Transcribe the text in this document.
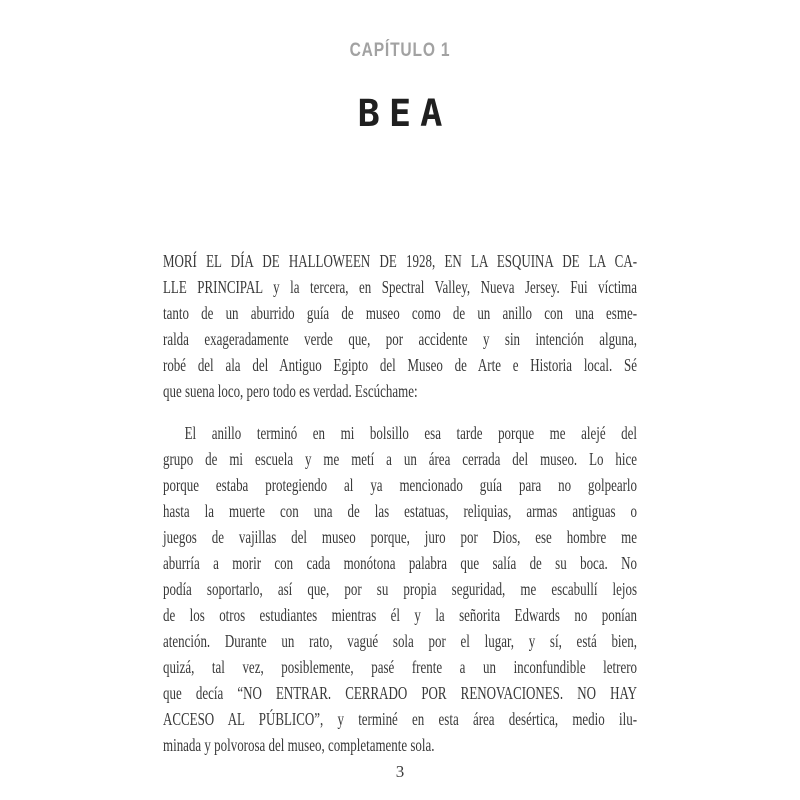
CAPÍTULO 1
BEA
MORÍ EL DÍA DE HALLOWEEN DE 1928, EN LA ESQUINA DE LA CA-
LLE PRINCIPAL y la tercera, en Spectral Valley, Nueva Jersey. Fui víctima
tanto de un aburrido guía de museo como de un anillo con una esme-
ralda exageradamente verde que, por accidente y sin intención alguna,
robé del ala del Antiguo Egipto del Museo de Arte e Historia local. Sé
que suena loco, pero todo es verdad. Escúchame:
El anillo terminó en mi bolsillo esa tarde porque me alejé del
grupo de mi escuela y me metí a un área cerrada del museo. Lo hice
porque estaba protegiendo al ya mencionado guía para no golpearlo
hasta la muerte con una de las estatuas, reliquias, armas antiguas o
juegos de vajillas del museo porque, juro por Dios, ese hombre me
aburría a morir con cada monótona palabra que salía de su boca. No
podía soportarlo, así que, por su propia seguridad, me escabullí lejos
de los otros estudiantes mientras él y la señorita Edwards no ponían
atención. Durante un rato, vagué sola por el lugar, y sí, está bien,
quizá, tal vez, posiblemente, pasé frente a un inconfundible letrero
que decía “NO ENTRAR. CERRADO POR RENOVACIONES. NO HAY
ACCESO AL PÚBLICO”, y terminé en esta área desértica, medio ilu-
minada y polvorosa del museo, completamente sola.
3
